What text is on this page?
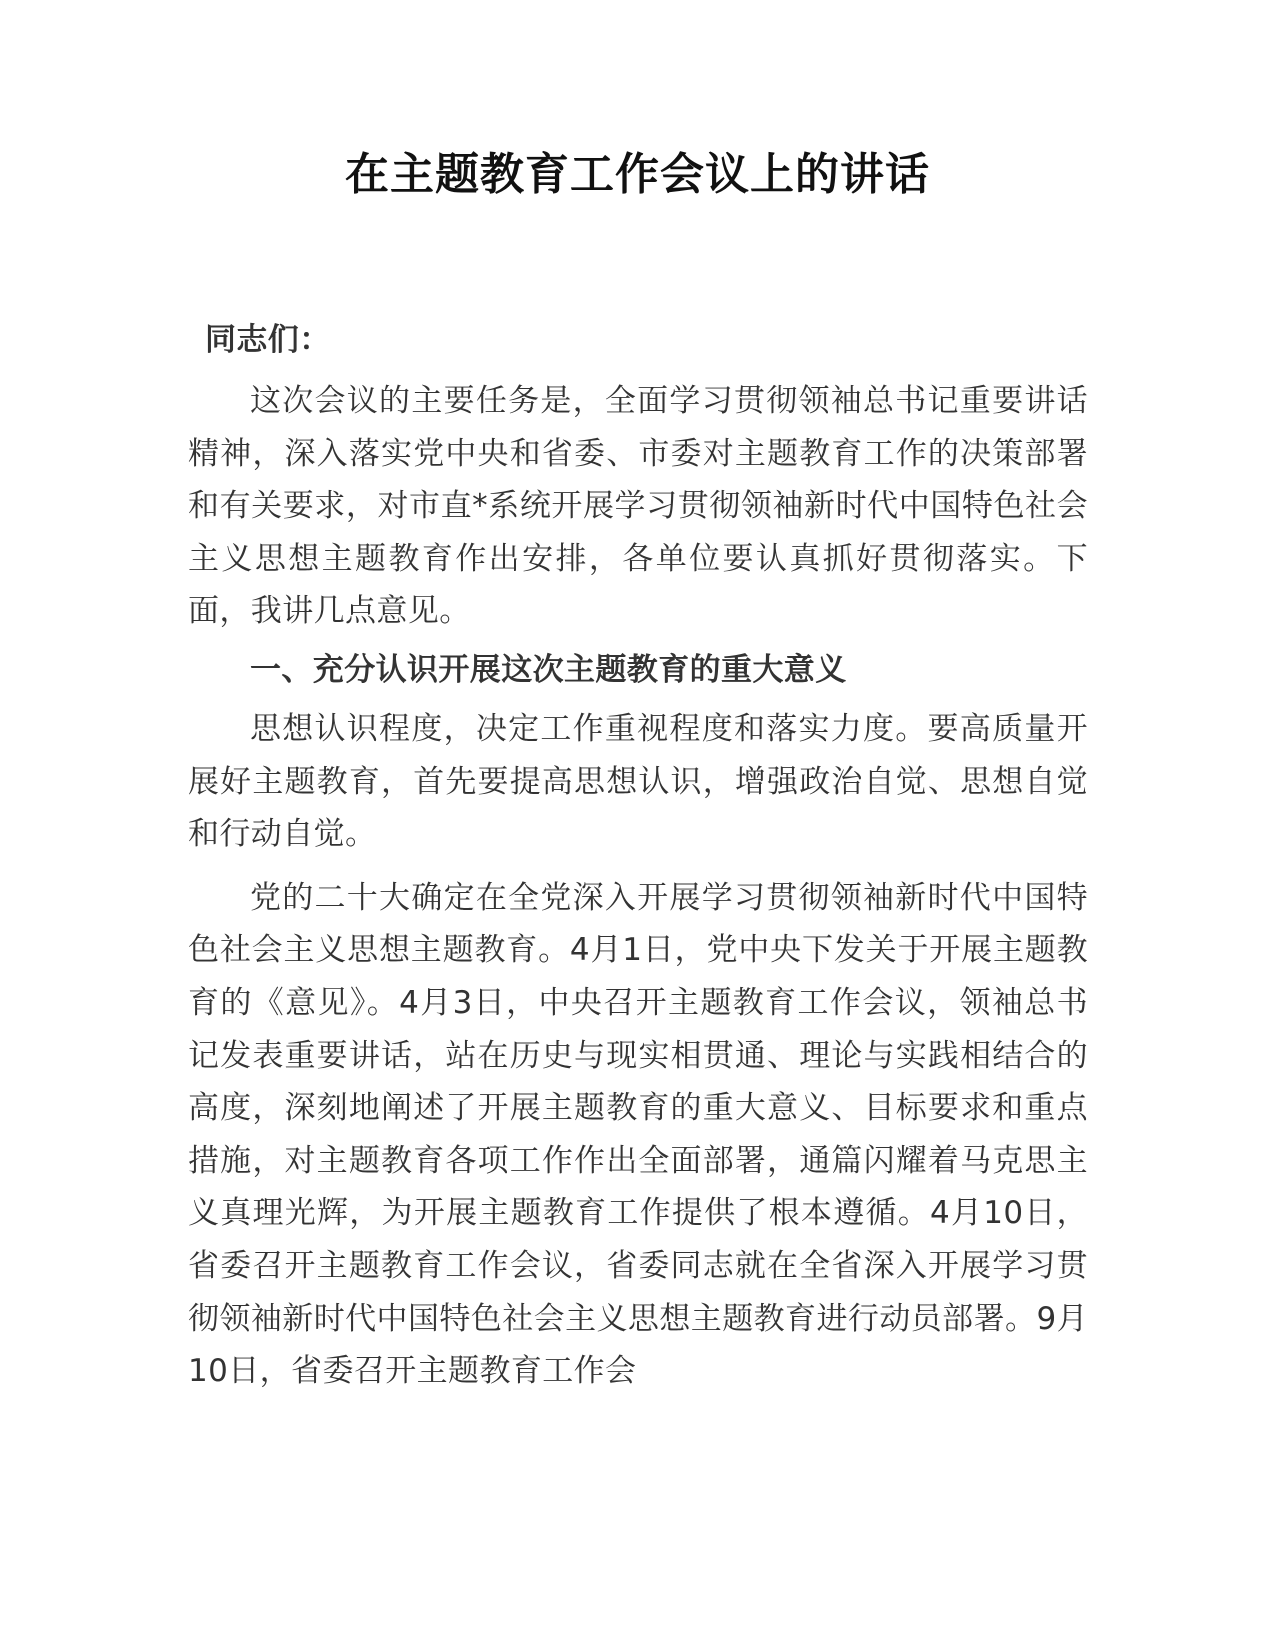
在主题教育工作会议上的讲话

同志们：

这次会议的主要任务是，全面学习贯彻领袖总书记重要讲话精神，深入落实党中央和省委、市委对主题教育工作的决策部署和有关要求，对市直*系统开展学习贯彻领袖新时代中国特色社会主义思想主题教育作出安排，各单位要认真抓好贯彻落实。下面，我讲几点意见。

一、充分认识开展这次主题教育的重大意义

思想认识程度，决定工作重视程度和落实力度。要高质量开展好主题教育，首先要提高思想认识，增强政治自觉、思想自觉和行动自觉。

党的二十大确定在全党深入开展学习贯彻领袖新时代中国特色社会主义思想主题教育。4月1日，党中央下发关于开展主题教育的《意见》。4月3日，中央召开主题教育工作会议，领袖总书记发表重要讲话，站在历史与现实相贯通、理论与实践相结合的高度，深刻地阐述了开展主题教育的重大意义、目标要求和重点措施，对主题教育各项工作作出全面部署，通篇闪耀着马克思主义真理光辉，为开展主题教育工作提供了根本遵循。4月10日，省委召开主题教育工作会议，省委同志就在全省深入开展学习贯彻领袖新时代中国特色社会主义思想主题教育进行动员部署。9月10日，省委召开主题教育工作会
